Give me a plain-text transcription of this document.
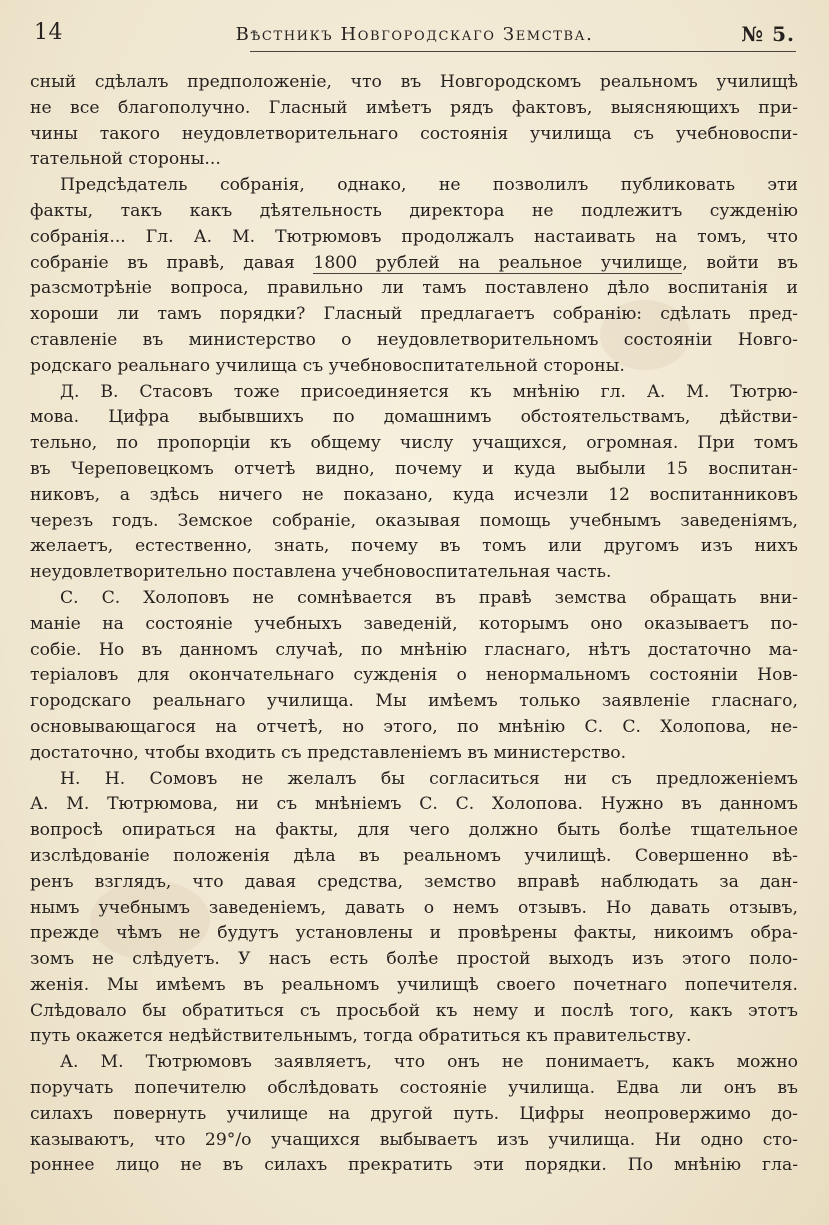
14	Вѣстникъ Новгородскаго Земства.	№ 5.
сный сдѣлалъ предположеніе, что въ Новгородскомъ реальномъ училищѣ
не все благополучно. Гласный имѣетъ рядъ фактовъ, выясняющихъ при-
чины такого неудовлетворительнаго состоянія училища съ учебновоспи-
тательной стороны...
Предсѣдатель собранія, однако, не позволилъ публиковать эти
факты, такъ какъ дѣятельность директора не подлежитъ сужденію
собранія... Гл. А. М. Тютрюмовъ продолжалъ настаивать на томъ, что
собраніе въ правѣ, давая 1800 рублей на реальное училище, войти въ
разсмотрѣніе вопроса, правильно ли тамъ поставлено дѣло воспитанія и
хороши ли тамъ порядки? Гласный предлагаетъ собранію: сдѣлать пред-
ставленіе въ министерство о неудовлетворительномъ состояніи Новго-
родскаго реальнаго училища съ учебновоспитательной стороны.
Д. В. Стасовъ тоже присоединяется къ мнѣнію гл. А. М. Тютрю-
мова. Цифра выбывшихъ по домашнимъ обстоятельствамъ, дѣйстви-
тельно, по пропорціи къ общему числу учащихся, огромная. При томъ
въ Череповецкомъ отчетѣ видно, почему и куда выбыли 15 воспитан-
никовъ, а здѣсь ничего не показано, куда исчезли 12 воспитанниковъ
черезъ годъ. Земское собраніе, оказывая помощь учебнымъ заведеніямъ,
желаетъ, естественно, знать, почему въ томъ или другомъ изъ нихъ
неудовлетворительно поставлена учебновоспитательная часть.
С. С. Холоповъ не сомнѣвается въ правѣ земства обращать вни-
маніе на состояніе учебныхъ заведеній, которымъ оно оказываетъ по-
собіе. Но въ данномъ случаѣ, по мнѣнію гласнаго, нѣтъ достаточно ма-
теріаловъ для окончательнаго сужденія о ненормальномъ состояніи Нов-
городскаго реальнаго училища. Мы имѣемъ только заявленіе гласнаго,
основывающагося на отчетѣ, но этого, по мнѣнію С. С. Холопова, не-
достаточно, чтобы входить съ представленіемъ въ министерство.
Н. Н. Сомовъ не желалъ бы согласиться ни съ предложеніемъ
А. М. Тютрюмова, ни съ мнѣніемъ С. С. Холопова. Нужно въ данномъ
вопросѣ опираться на факты, для чего должно быть болѣе тщательное
изслѣдованіе положенія дѣла въ реальномъ училищѣ. Совершенно вѣ-
ренъ взглядъ, что давая средства, земство вправѣ наблюдать за дан-
нымъ учебнымъ заведеніемъ, давать о немъ отзывъ. Но давать отзывъ,
прежде чѣмъ не будутъ установлены и провѣрены факты, никоимъ обра-
зомъ не слѣдуетъ. У насъ есть болѣе простой выходъ изъ этого поло-
женія. Мы имѣемъ въ реальномъ училищѣ своего почетнаго попечителя.
Слѣдовало бы обратиться съ просьбой къ нему и послѣ того, какъ этотъ
путь окажется недѣйствительнымъ, тогда обратиться къ правительству.
А. М. Тютрюмовъ заявляетъ, что онъ не понимаетъ, какъ можно
поручать попечителю обслѣдовать состояніе училища. Едва ли онъ въ
силахъ повернуть училище на другой путь. Цифры неопровержимо до-
казываютъ, что 29°/о учащихся выбываетъ изъ училища. Ни одно сто-
роннее лицо не въ силахъ прекратить эти порядки. По мнѣнію гла-
